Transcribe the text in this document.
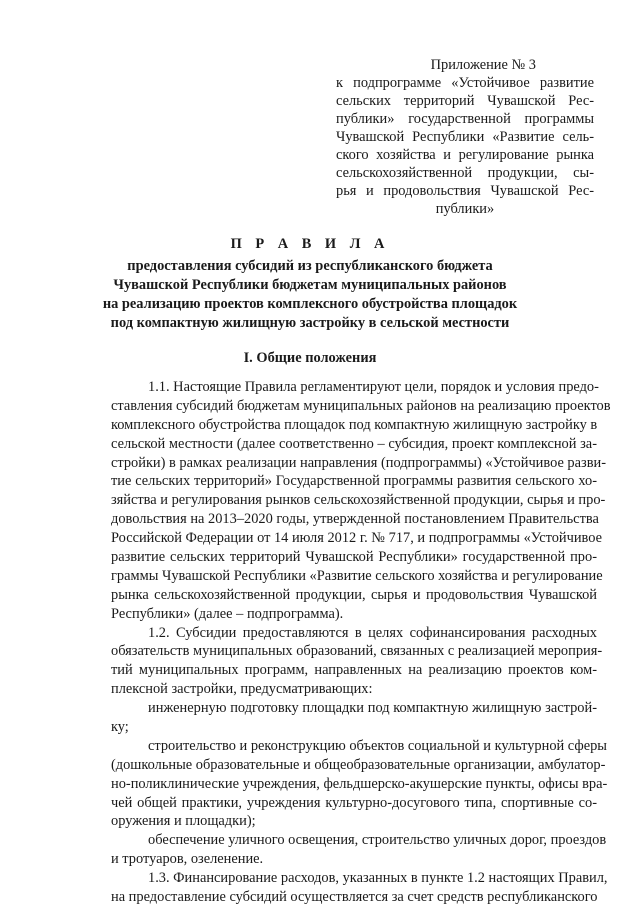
Приложение № 3
к подпрограмме «Устойчивое развитие
сельских территорий Чувашской Рес-
публики» государственной программы
Чувашской Республики «Развитие сель-
ского хозяйства и регулирование рынка
сельскохозяйственной продукции, сы-
рья и продовольствия Чувашской Рес-
публики»
П Р А В И Л А
предоставления субсидий из республиканского бюджета
Чувашской Республики бюджетам муниципальных районов
на реализацию проектов комплексного обустройства площадок
под компактную жилищную застройку в сельской местности
I. Общие положения
1.1. Настоящие Правила регламентируют цели, порядок и условия предо-
ставления субсидий бюджетам муниципальных районов на реализацию проектов
комплексного обустройства площадок под компактную жилищную застройку в
сельской местности (далее соответственно – субсидия, проект комплексной за-
стройки) в рамках реализации направления (подпрограммы) «Устойчивое разви-
тие сельских территорий» Государственной программы развития сельского хо-
зяйства и регулирования рынков сельскохозяйственной продукции, сырья и про-
довольствия на 2013–2020 годы, утвержденной постановлением Правительства
Российской Федерации от 14 июля 2012 г. № 717, и подпрограммы «Устойчивое
развитие сельских территорий Чувашской Республики» государственной про-
граммы Чувашской Республики «Развитие сельского хозяйства и регулирование
рынка сельскохозяйственной продукции, сырья и продовольствия Чувашской
Республики» (далее – подпрограмма).
1.2. Субсидии предоставляются в целях софинансирования расходных
обязательств муниципальных образований, связанных с реализацией мероприя-
тий муниципальных программ, направленных на реализацию проектов ком-
плексной застройки, предусматривающих:
инженерную подготовку площадки под компактную жилищную застрой-
ку;
строительство и реконструкцию объектов социальной и культурной сферы
(дошкольные образовательные и общеобразовательные организации, амбулатор-
но-поликлинические учреждения, фельдшерско-акушерские пункты, офисы вра-
чей общей практики, учреждения культурно-досугового типа, спортивные со-
оружения и площадки);
обеспечение уличного освещения, строительство уличных дорог, проездов
и тротуаров, озеленение.
1.3. Финансирование расходов, указанных в пункте 1.2 настоящих Правил,
на предоставление субсидий осуществляется за счет средств республиканского
